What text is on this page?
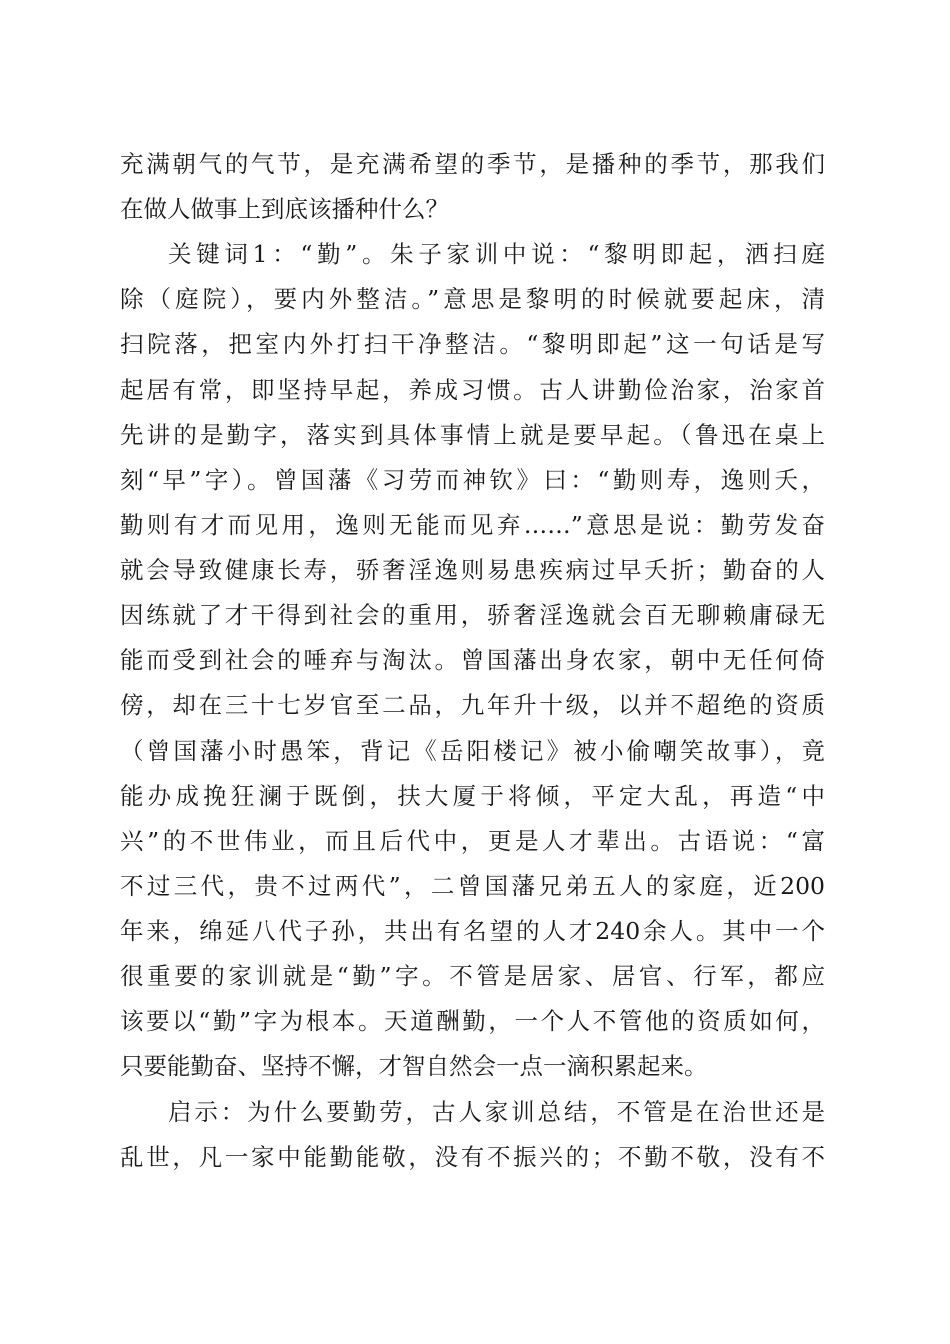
充满朝气的气节，是充满希望的季节，是播种的季节，那我们
在做人做事上到底该播种什么？
关键词1：“勤”。朱子家训中说：“黎明即起，洒扫庭
除（庭院），要内外整洁。”意思是黎明的时候就要起床，清
扫院落，把室内外打扫干净整洁。“黎明即起”这一句话是写
起居有常，即坚持早起，养成习惯。古人讲勤俭治家，治家首
先讲的是勤字，落实到具体事情上就是要早起。（鲁迅在桌上
刻“早”字）。曾国藩《习劳而神钦》曰：“勤则寿，逸则夭，
勤则有才而见用，逸则无能而见弃……”意思是说：勤劳发奋
就会导致健康长寿，骄奢淫逸则易患疾病过早夭折；勤奋的人
因练就了才干得到社会的重用，骄奢淫逸就会百无聊赖庸碌无
能而受到社会的唾弃与淘汰。曾国藩出身农家，朝中无任何倚
傍，却在三十七岁官至二品，九年升十级，以并不超绝的资质
（曾国藩小时愚笨，背记《岳阳楼记》被小偷嘲笑故事），竟
能办成挽狂澜于既倒，扶大厦于将倾，平定大乱，再造“中
兴”的不世伟业，而且后代中，更是人才辈出。古语说：“富
不过三代，贵不过两代”，二曾国藩兄弟五人的家庭，近200
年来，绵延八代子孙，共出有名望的人才240余人。其中一个
很重要的家训就是“勤”字。不管是居家、居官、行军，都应
该要以“勤”字为根本。天道酬勤，一个人不管他的资质如何，
只要能勤奋、坚持不懈，才智自然会一点一滴积累起来。
启示：为什么要勤劳，古人家训总结，不管是在治世还是
乱世，凡一家中能勤能敬，没有不振兴的；不勤不敬，没有不
